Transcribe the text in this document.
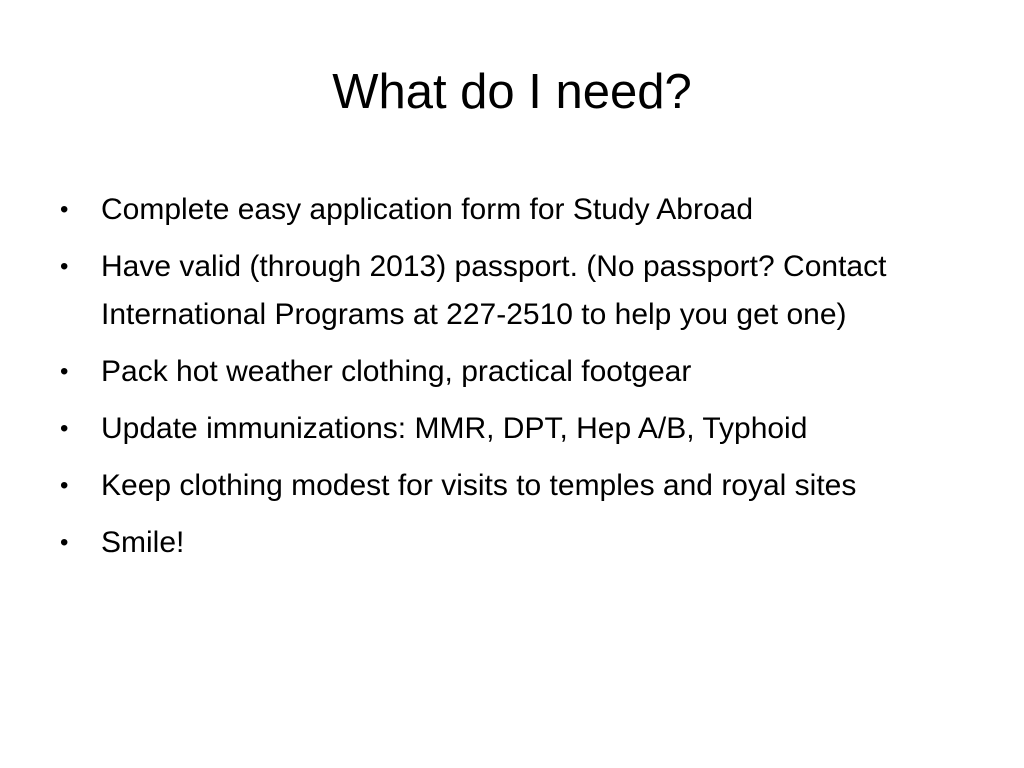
What do I need?
• Complete easy application form for Study Abroad
• Have valid (through 2013) passport. (No passport? Contact International Programs at 227-2510 to help you get one)
• Pack hot weather clothing, practical footgear
• Update immunizations: MMR, DPT, Hep A/B, Typhoid
• Keep clothing modest for visits to temples and royal sites
• Smile!
